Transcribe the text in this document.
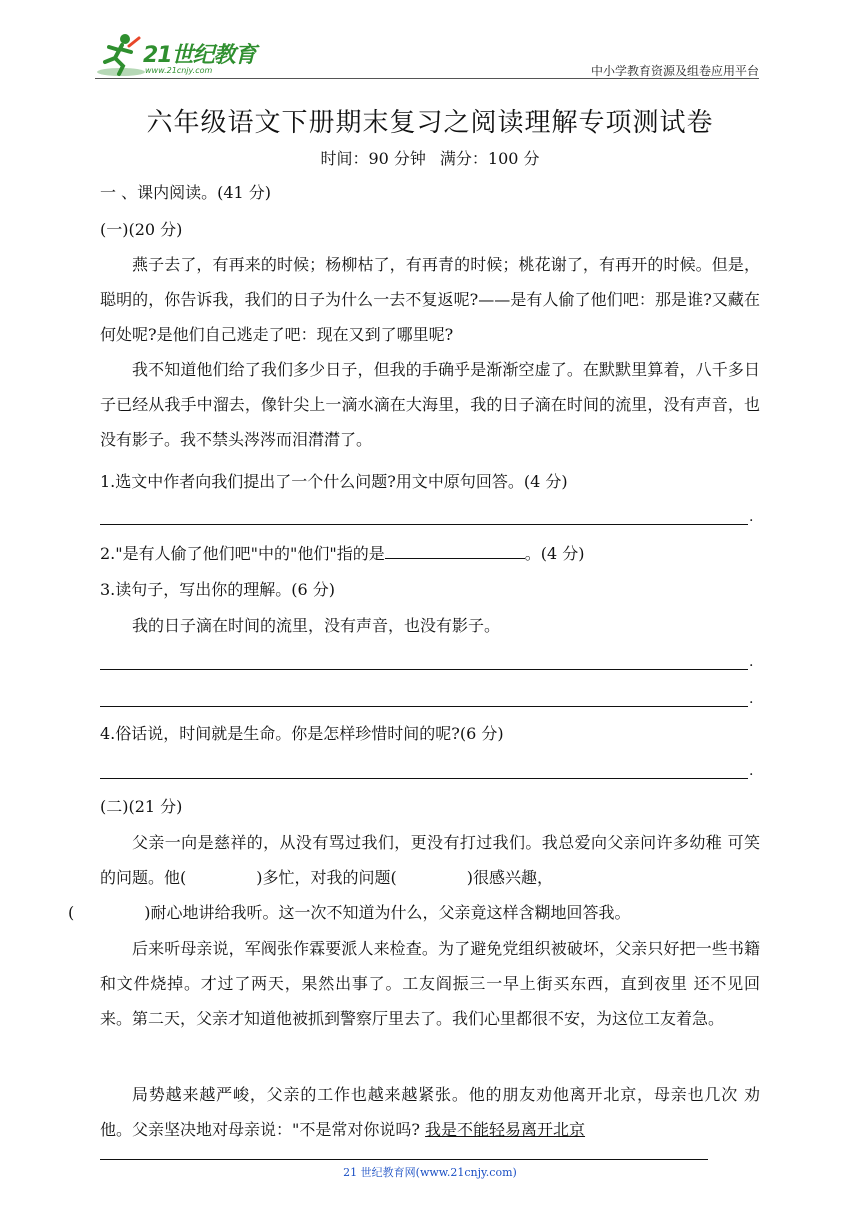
21世纪教育
www.21cnjy.com	中小学教育资源及组卷应用平台
六年级语文下册期末复习之阅读理解专项测试卷
时间：90 分钟 满分：100 分
一 、课内阅读。(41 分)
(一)(20 分)
燕子去了，有再来的时候；杨柳枯了，有再青的时候；桃花谢了，有再开的时候。但是，聪明的，你告诉我，我们的日子为什么一去不复返呢?——是有人偷了他们吧：那是谁?又藏在何处呢?是他们自己逃走了吧：现在又到了哪里呢?
我不知道他们给了我们多少日子，但我的手确乎是渐渐空虚了。在默默里算着，八千多日子已经从我手中溜去，像针尖上一滴水滴在大海里，我的日子滴在时间的流里，没有声音，也没有影子。我不禁头涔涔而泪潸潸了。
1.选文中作者向我们提出了一个什么问题?用文中原句回答。(4 分)
.
2."是有人偷了他们吧"中的"他们"指的是	。(4 分)
3.读句子，写出你的理解。(6 分)
我的日子滴在时间的流里，没有声音，也没有影子。
.
.
4.俗话说，时间就是生命。你是怎样珍惜时间的呢?(6 分)
.
(二)(21 分)
父亲一向是慈祥的，从没有骂过我们，更没有打过我们。我总爱向父亲问许多幼稚 可笑的问题。他(	)多忙，对我的问题(	)很感兴趣，
(	)耐心地讲给我听。这一次不知道为什么，父亲竟这样含糊地回答我。
后来听母亲说，军阀张作霖要派人来检查。为了避免党组织被破坏，父亲只好把一些书籍和文件烧掉。才过了两天，果然出事了。工友阎振三一早上街买东西，直到夜里 还不见回来。第二天，父亲才知道他被抓到警察厅里去了。我们心里都很不安，为这位工友着急。
局势越来越严峻，父亲的工作也越来越紧张。他的朋友劝他离开北京，母亲也几次 劝他。父亲坚决地对母亲说："不是常对你说吗? 我是不能轻易离开北京
21 世纪教育网(www.21cnjy.com)
